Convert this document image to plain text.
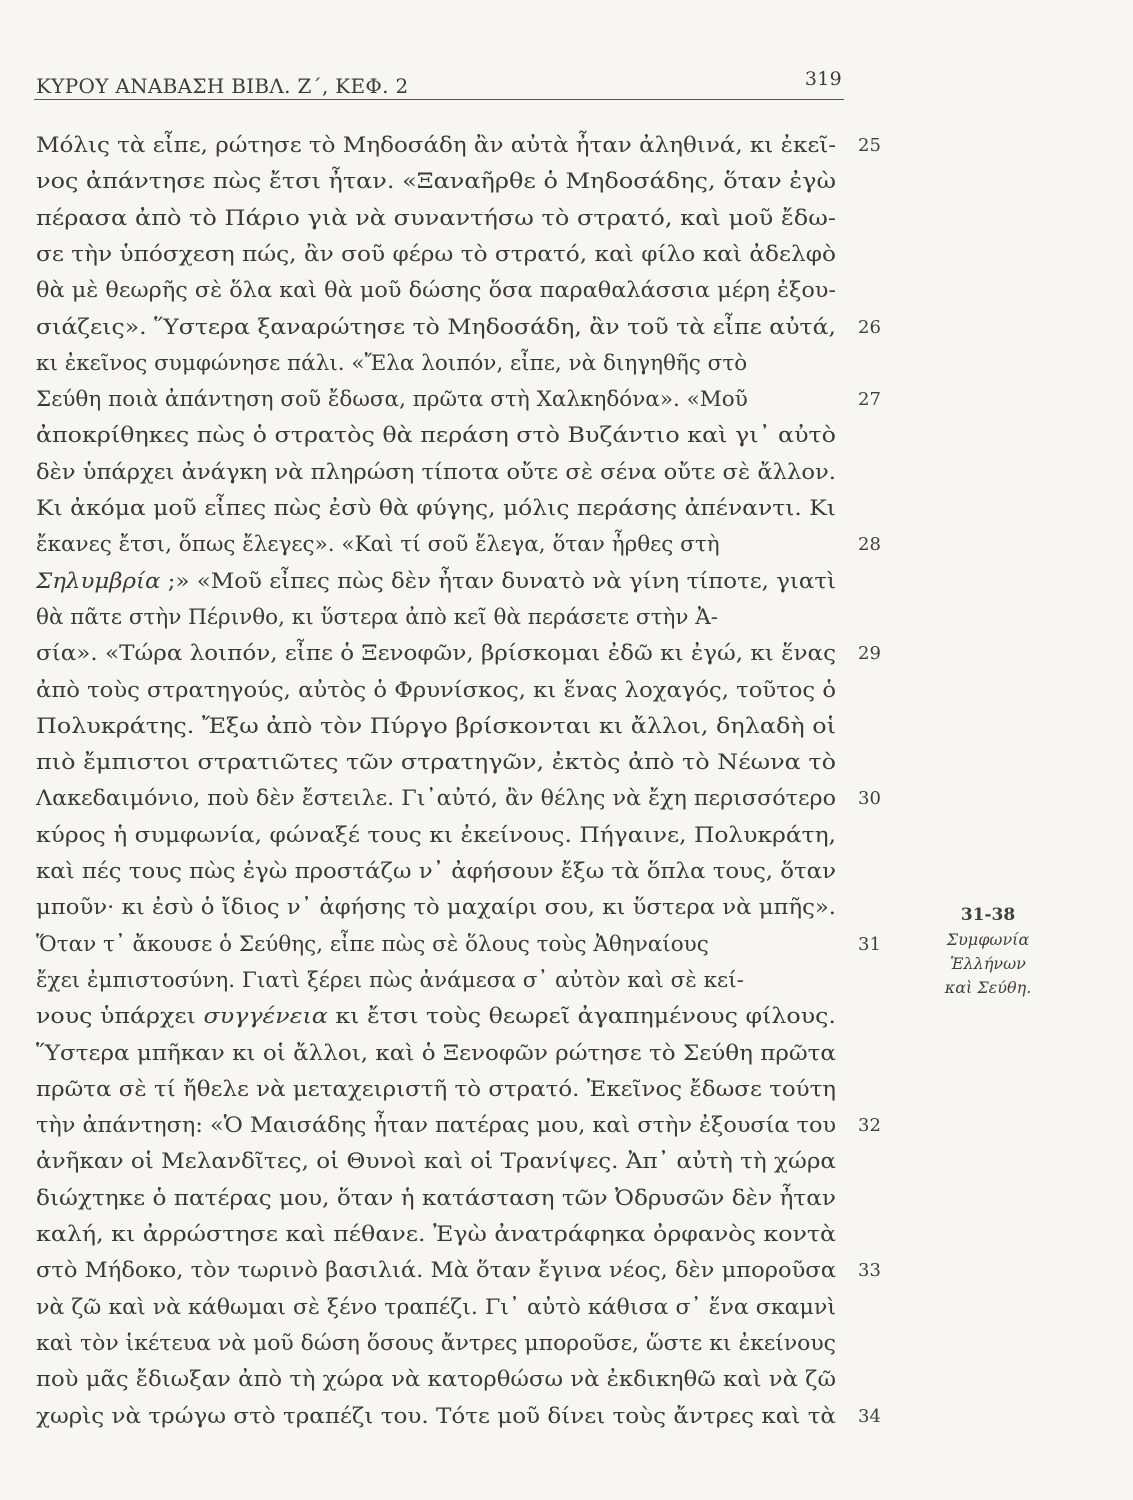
ΚΥΡΟΥ ΑΝΑΒΑΣΗ ΒΙΒΛ. Ζ΄, ΚΕΦ. 2	319
Μόλις τὰ εἶπε, ρώτησε τὸ Μηδοσάδη ἂν αὐτὰ ἦταν ἀληθινά, κι ἐκεῖ-
νος ἀπάντησε πὼς ἔτσι ἦταν. «Ξαναῆρθε ὁ Μηδοσάδης, ὅταν ἐγὼ
πέρασα ἀπὸ τὸ Πάριο γιὰ νὰ συναντήσω τὸ στρατό, καὶ μοῦ ἔδω-
σε τὴν ὑπόσχεση πώς, ἂν σοῦ φέρω τὸ στρατό, καὶ φίλο καὶ ἀδελφὸ
θὰ μὲ θεωρῆς σὲ ὅλα καὶ θὰ μοῦ δώσης ὅσα παραθαλάσσια μέρη ἐξου-
σιάζεις». Ὕστερα ξαναρώτησε τὸ Μηδοσάδη, ἂν τοῦ τὰ εἶπε αὐτά,
κι ἐκεῖνος συμφώνησε πάλι. «Ἔλα λοιπόν, εἶπε, νὰ διηγηθῆς στὸ
Σεύθη ποιὰ ἀπάντηση σοῦ ἔδωσα, πρῶτα στὴ Χαλκηδόνα». «Μοῦ
ἀποκρίθηκες πὼς ὁ στρατὸς θὰ περάση στὸ Βυζάντιο καὶ γι᾿ αὐτὸ
δὲν ὑπάρχει ἀνάγκη νὰ πληρώση τίποτα οὔτε σὲ σένα οὔτε σὲ ἄλλον.
Κι ἀκόμα μοῦ εἶπες πὼς ἐσὺ θὰ φύγης, μόλις περάσης ἀπέναντι. Κι
ἔκανες ἔτσι, ὅπως ἔλεγες». «Καὶ τί σοῦ ἔλεγα, ὅταν ἦρθες στὴ
Σηλυμβρία ;» «Μοῦ εἶπες πὼς δὲν ἦταν δυνατὸ νὰ γίνη τίποτε, γιατὶ
θὰ πᾶτε στὴν Πέρινθο, κι ὕστερα ἀπὸ κεῖ θὰ περάσετε στὴν Ἀ-
σία». «Τώρα λοιπόν, εἶπε ὁ Ξενοφῶν, βρίσκομαι ἐδῶ κι ἐγώ, κι ἕνας
ἀπὸ τοὺς στρατηγούς, αὐτὸς ὁ Φρυνίσκος, κι ἕνας λοχαγός, τοῦτος ὁ
Πολυκράτης. Ἔξω ἀπὸ τὸν Πύργο βρίσκονται κι ἄλλοι, δηλαδὴ οἱ
πιὸ ἔμπιστοι στρατιῶτες τῶν στρατηγῶν, ἐκτὸς ἀπὸ τὸ Νέωνα τὸ
Λακεδαιμόνιο, ποὺ δὲν ἔστειλε. Γι᾿αὐτό, ἂν θέλης νὰ ἔχη περισσότερο
κύρος ἡ συμφωνία, φώναξέ τους κι ἐκείνους. Πήγαινε, Πολυκράτη,
καὶ πές τους πὼς ἐγὼ προστάζω ν᾿ ἀφήσουν ἔξω τὰ ὅπλα τους, ὅταν
μποῦν· κι ἐσὺ ὁ ἴδιος ν᾿ ἀφήσης τὸ μαχαίρι σου, κι ὕστερα νὰ μπῆς».
Ὅταν τ᾿ ἄκουσε ὁ Σεύθης, εἶπε πὼς σὲ ὅλους τοὺς Ἀθηναίους
ἔχει ἐμπιστοσύνη. Γιατὶ ξέρει πὼς ἀνάμεσα σ᾿ αὐτὸν καὶ σὲ κεί-
νους ὑπάρχει συγγένεια κι ἔτσι τοὺς θεωρεῖ ἀγαπημένους φίλους.
Ὕστερα μπῆκαν κι οἱ ἄλλοι, καὶ ὁ Ξενοφῶν ρώτησε τὸ Σεύθη πρῶτα
πρῶτα σὲ τί ἤθελε νὰ μεταχειριστῆ τὸ στρατό. Ἐκεῖνος ἔδωσε τούτη
τὴν ἀπάντηση: «Ὁ Μαισάδης ἦταν πατέρας μου, καὶ στὴν ἐξουσία του
ἀνῆκαν οἱ Μελανδῖτες, οἱ Θυνοὶ καὶ οἱ Τρανίψες. Ἀπ᾿ αὐτὴ τὴ χώρα
διώχτηκε ὁ πατέρας μου, ὅταν ἡ κατάσταση τῶν Ὀδρυσῶν δὲν ἦταν
καλή, κι ἀρρώστησε καὶ πέθανε. Ἐγὼ ἀνατράφηκα ὀρφανὸς κοντὰ
στὸ Μήδοκο, τὸν τωρινὸ βασιλιά. Μὰ ὅταν ἔγινα νέος, δὲν μποροῦσα
νὰ ζῶ καὶ νὰ κάθωμαι σὲ ξένο τραπέζι. Γι᾿ αὐτὸ κάθισα σ᾿ ἕνα σκαμνὶ
καὶ τὸν ἱκέτευα νὰ μοῦ δώση ὅσους ἄντρες μποροῦσε, ὥστε κι ἐκείνους
ποὺ μᾶς ἔδιωξαν ἀπὸ τὴ χώρα νὰ κατορθώσω νὰ ἐκδικηθῶ καὶ νὰ ζῶ
χωρὶς νὰ τρώγω στὸ τραπέζι του. Τότε μοῦ δίνει τοὺς ἄντρες καὶ τὰ
31-38
Συμφωνία
Ἑλλήνων
καὶ Σεύθη.
25
26
27
28
29
30
31
32
33
34
